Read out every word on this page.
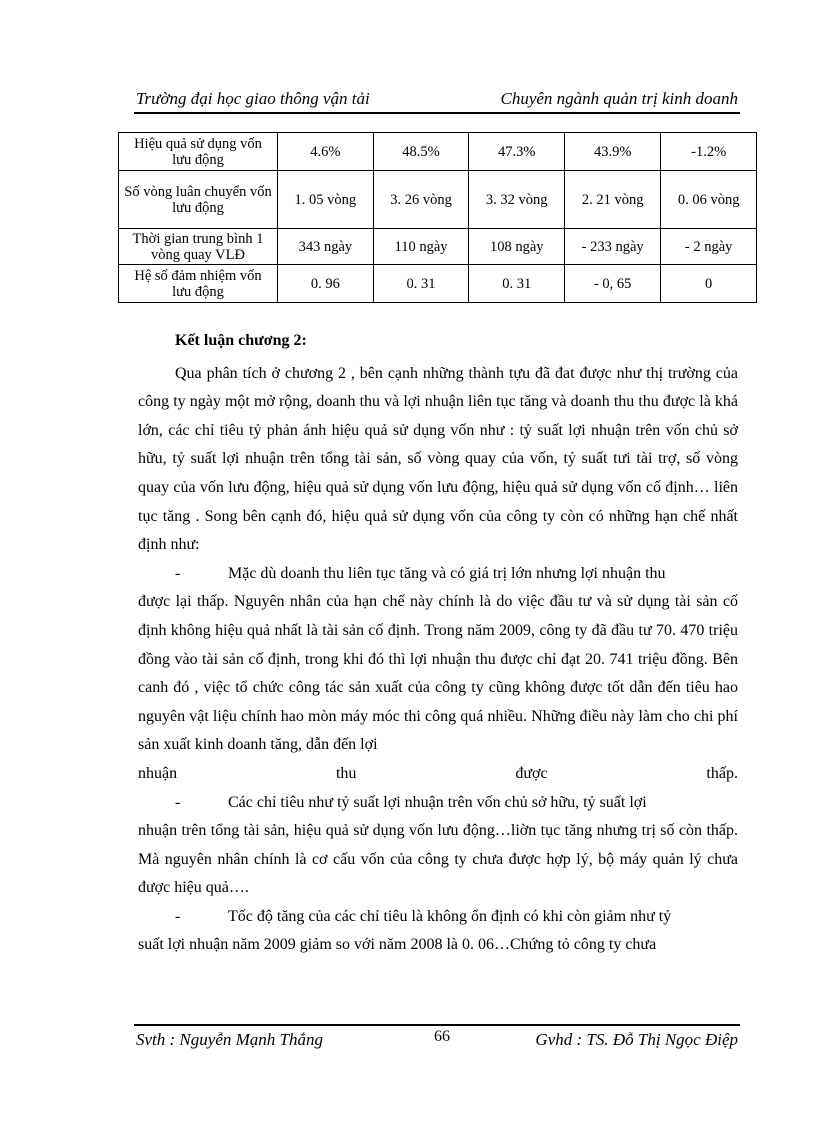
Trường đại học giao thông vận tải	Chuyên ngành quản trị kinh doanh
Hiệu quả sử dụng vốn lưu động	4.6%	48.5%	47.3%	43.9%	-1.2%
Số vòng luân chuyển vốn lưu động	1. 05 vòng	3. 26 vòng	3. 32 vòng	2. 21 vòng	0. 06 vòng
Thời gian trung bình 1 vòng quay VLĐ	343 ngày	110 ngày	108 ngày	- 233 ngày	- 2 ngày
Hệ số đảm nhiệm vốn lưu động	0. 96	0. 31	0. 31	- 0, 65	0

Kết luận chương 2:

Qua phân tích ở chương 2 , bên cạnh những thành tựu đã đat được như thị trường của công ty ngày một mở rộng, doanh thu và lợi nhuận liên tục tăng và doanh thu thu được là khá lớn, các chỉ tiêu tỷ phản ánh hiệu quả sử dụng vốn như : tỷ suất lợi nhuận trên vốn chủ sở hữu, tỷ suất lợi nhuận trên tổng tài sản, số vòng quay của vốn, tỷ suất tưi tài trợ, số vòng quay của vốn lưu động, hiệu quả sử dụng vốn lưu động, hiệu quả sử dụng vốn cố định… liên tục tăng . Song bên cạnh đó, hiệu quả sử dụng vốn của công ty còn có những hạn chế nhất định như:

-	Mặc dù doanh thu liên tục tăng và có giá trị lớn nhưng lợi nhuận thu

được lại thấp. Nguyên nhân của hạn chế này chính là do việc đầu tư và sử dụng tài sản cố định không hiệu quả nhất là tài sản cố định. Trong năm 2009, công ty đã đầu tư 70. 470 triệu đồng vào tài sản cố định, trong khi đó thì lợi nhuận thu được chỉ đạt 20. 741 triệu đồng. Bên canh đó , việc tổ chức công tác sản xuất của công ty cũng không được tốt dẫn đến tiêu hao nguyên vật liệu chính hao mòn máy móc thi công quá nhiều. Những điều này làm cho chi phí sản xuất kinh doanh tăng, dẫn đến lợi

nhuận	thu	được	thấp.

-	Các chỉ tiêu như tỷ suất lợi nhuận trên vốn chủ sở hữu, tỷ suất lợi

nhuận trên tổng tài sản, hiệu quả sử dụng vốn lưu động…liờn tục tăng nhưng trị số còn thấp. Mà nguyên nhân chính là cơ cấu vốn của công ty chưa được hợp lý, bộ máy quản lý chưa được hiệu quả….

-	Tốc độ tăng của các chỉ tiêu là không ổn định có khi còn giảm như tỷ

suất lợi nhuận năm 2009 giảm so với năm 2008 là 0. 06…Chứng tỏ công ty chưa

Svth : Nguyễn Mạnh Thắng	66	Gvhd : TS. Đỗ Thị Ngọc Điệp
